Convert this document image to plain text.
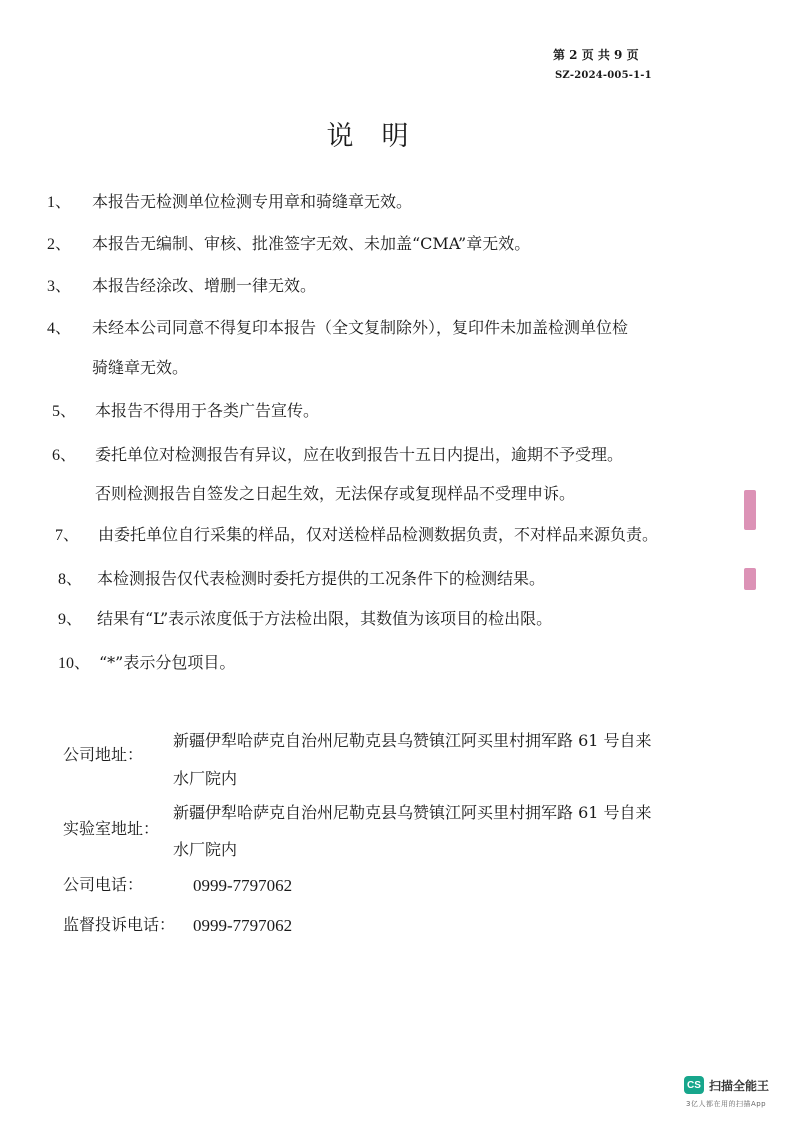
第 2 页 共 9 页
SZ-2024-005-1-1
说明
1、 本报告无检测单位检测专用章和骑缝章无效。
2、 本报告无编制、审核、批准签字无效、未加盖“CMA”章无效。
3、 本报告经涂改、增删一律无效。
4、 未经本公司同意不得复印本报告（全文复制除外），复印件未加盖检测单位检
骑缝章无效。
5、 本报告不得用于各类广告宣传。
6、 委托单位对检测报告有异议，应在收到报告十五日内提出，逾期不予受理。
否则检测报告自签发之日起生效，无法保存或复现样品不受理申诉。
7、 由委托单位自行采集的样品，仅对送检样品检测数据负责，不对样品来源负责。
8、 本检测报告仅代表检测时委托方提供的工况条件下的检测结果。
9、 结果有“L”表示浓度低于方法检出限，其数值为该项目的检出限。
10、 “*”表示分包项目。
公司地址：
新疆伊犁哈萨克自治州尼勒克县乌赞镇江阿买里村拥军路 61 号自来
水厂院内
实验室地址：
新疆伊犁哈萨克自治州尼勒克县乌赞镇江阿买里村拥军路 61 号自来
水厂院内
公司电话：	0999-7797062
监督投诉电话： 0999-7797062
CS 扫描全能王
3亿人都在用的扫描App
